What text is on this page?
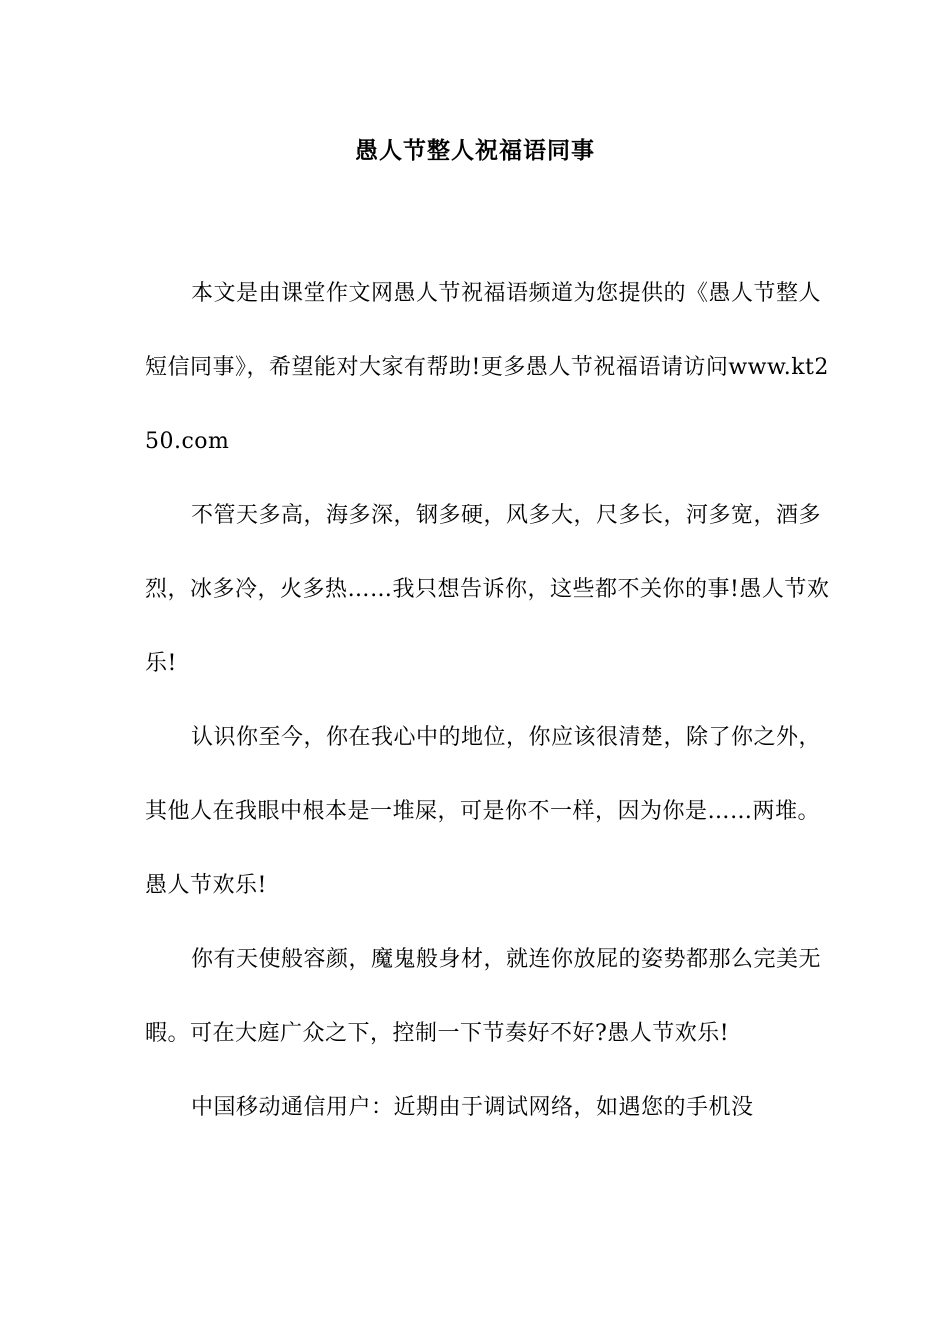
愚人节整人祝福语同事

本文是由课堂作文网愚人节祝福语频道为您提供的《愚人节整人短信同事》，希望能对大家有帮助!更多愚人节祝福语请访问www.kt250.com

不管天多高，海多深，钢多硬，风多大，尺多长，河多宽，酒多烈，冰多冷，火多热……我只想告诉你，这些都不关你的事!愚人节欢乐!

认识你至今，你在我心中的地位，你应该很清楚，除了你之外，其他人在我眼中根本是一堆屎，可是你不一样，因为你是……两堆。愚人节欢乐!

你有天使般容颜，魔鬼般身材，就连你放屁的姿势都那么完美无暇。可在大庭广众之下，控制一下节奏好不好?愚人节欢乐!

中国移动通信用户：近期由于调试网络，如遇您的手机没
